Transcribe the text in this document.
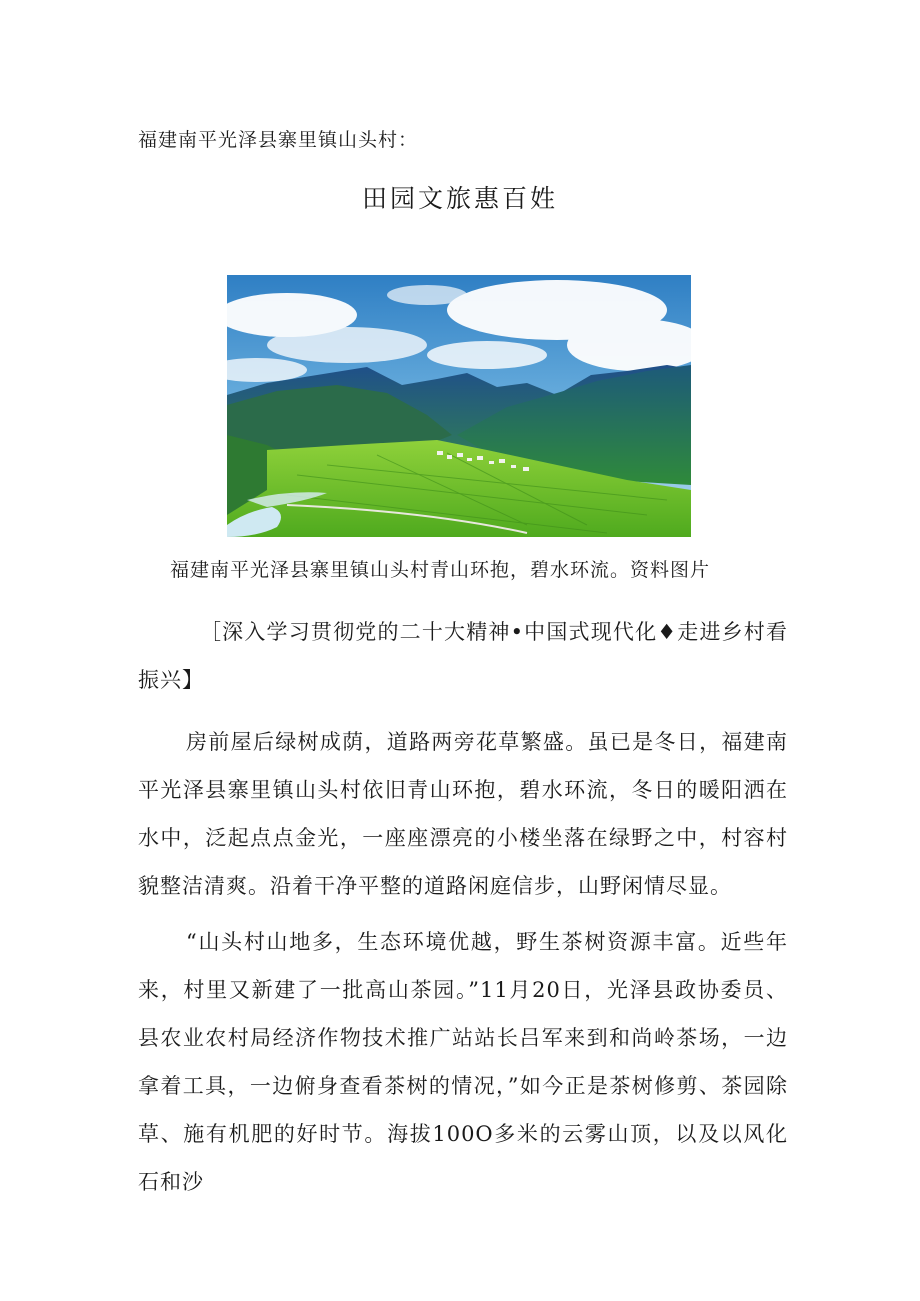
福建南平光泽县寨里镇山头村：
田园文旅惠百姓
福建南平光泽县寨里镇山头村青山环抱，碧水环流。资料图片
［深入学习贯彻党的二十大精神•中国式现代化♦走进乡村看振兴】
房前屋后绿树成荫，道路两旁花草繁盛。虽已是冬日，福建南平光泽县寨里镇山头村依旧青山环抱，碧水环流，冬日的暖阳洒在水中，泛起点点金光，一座座漂亮的小楼坐落在绿野之中，村容村貌整洁清爽。沿着干净平整的道路闲庭信步，山野闲情尽显。
“山头村山地多，生态环境优越，野生茶树资源丰富。近些年来，村里又新建了一批高山茶园。”11月20日，光泽县政协委员、县农业农村局经济作物技术推广站站长吕军来到和尚岭茶场，一边拿着工具，一边俯身查看茶树的情况，”如今正是茶树修剪、茶园除草、施有机肥的好时节。海拔100O多米的云雾山顶，以及以风化石和沙
